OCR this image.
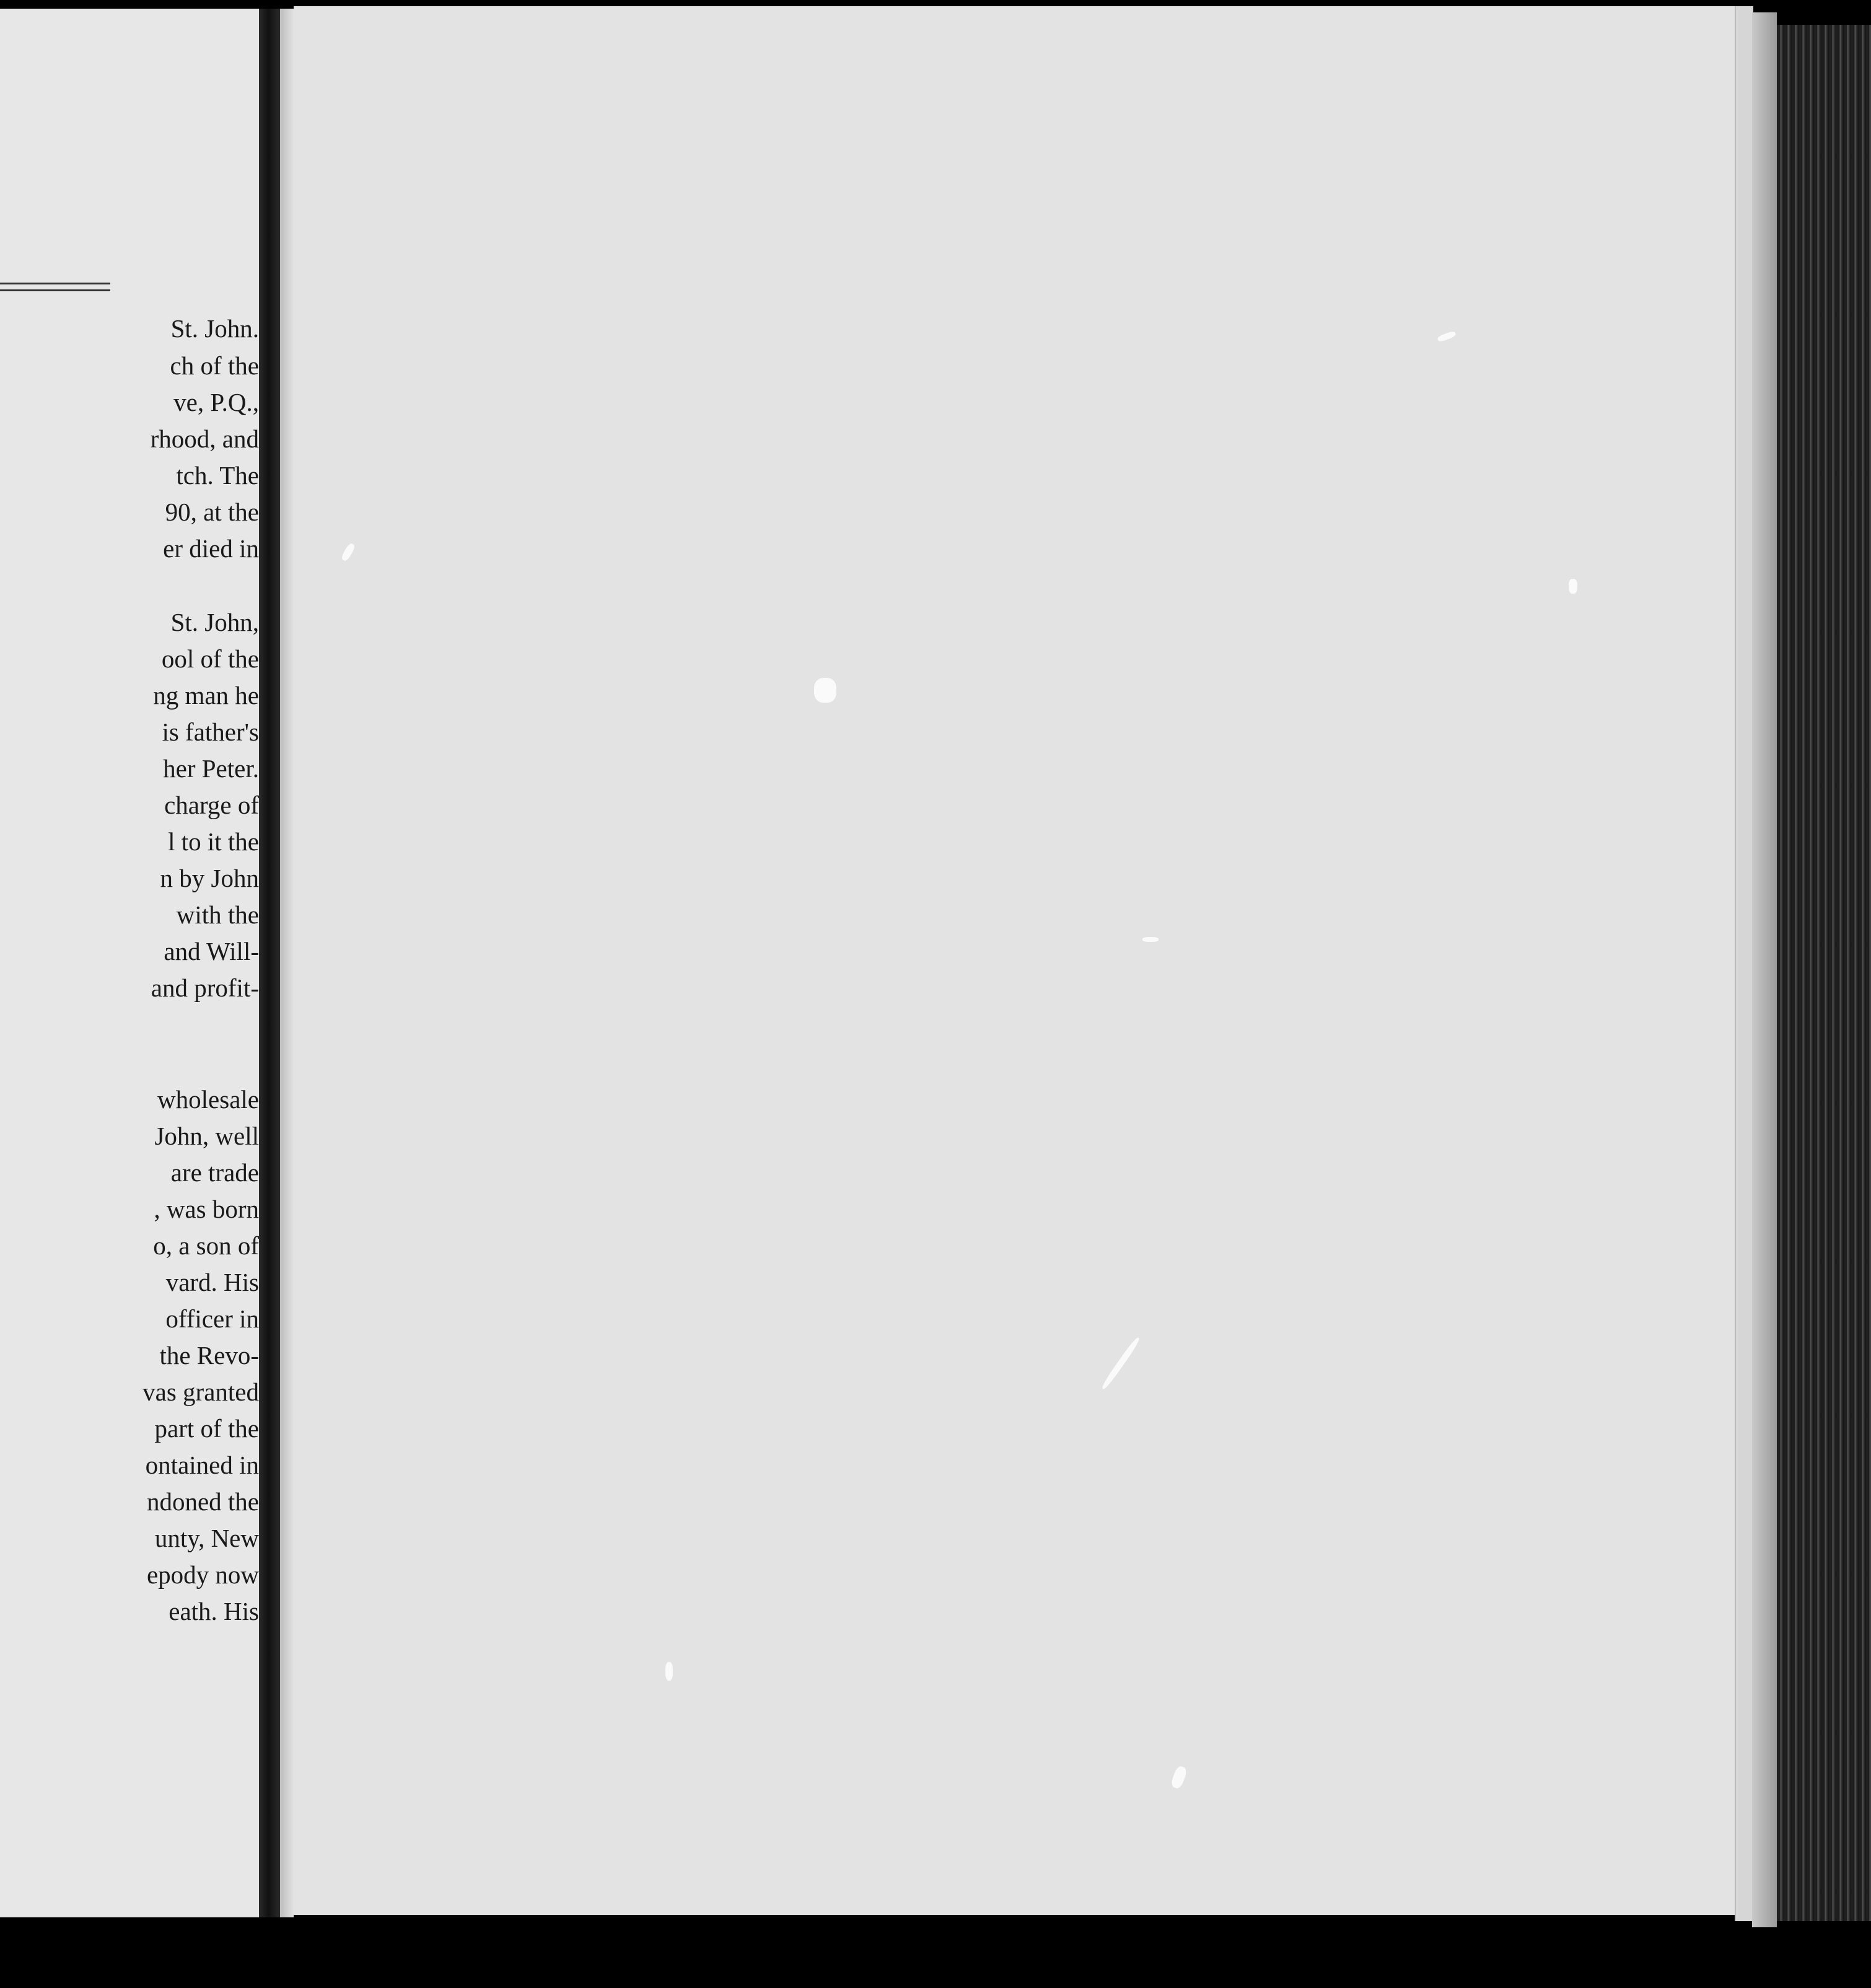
St. John.
ch of the
ve, P.Q.,
rhood, and
tch. The
90, at the
er died in
St. John,
ool of the
ng man he
is father's
her Peter.
charge of
l to it the
n by John
with the
and Will-
and profit-
wholesale
John, well
are trade
, was born
o, a son of
vard. His
officer in
the Revo-
vas granted
part of the
ontained in
ndoned the
unty, New
epody now
eath. His
